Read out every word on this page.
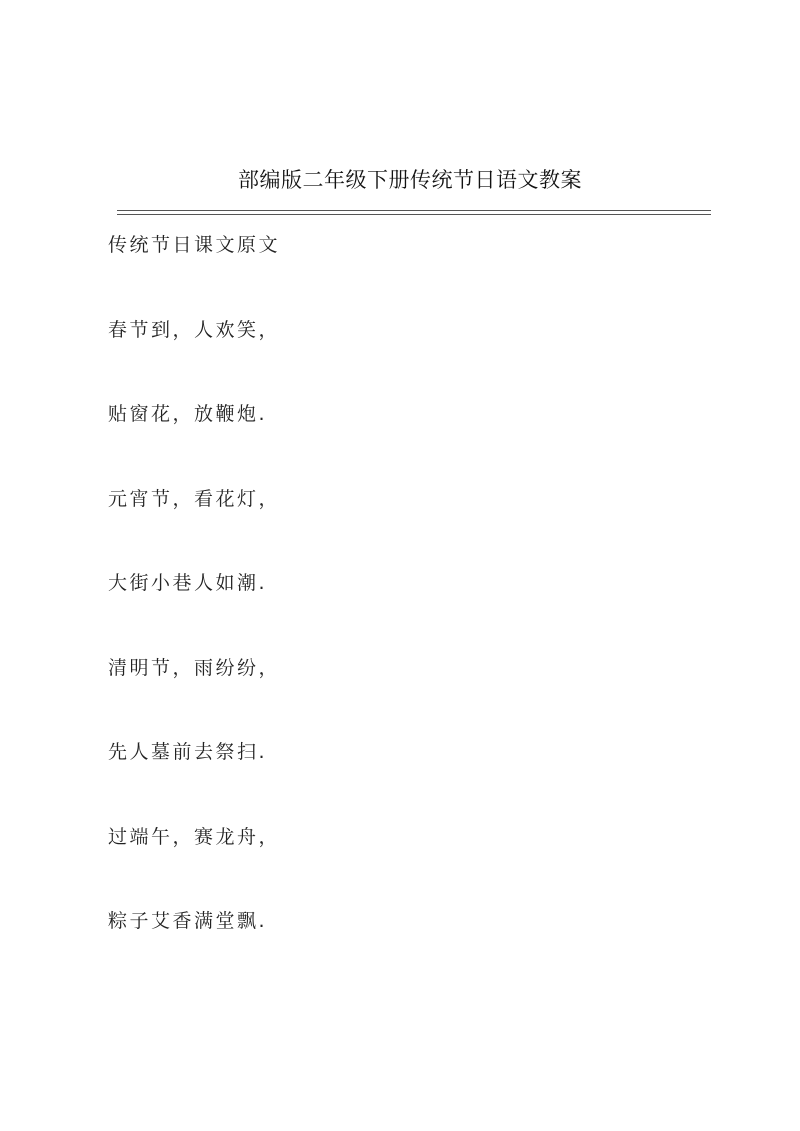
部编版二年级下册传统节日语文教案
传统节日课文原文
春节到，人欢笑，
贴窗花，放鞭炮.
元宵节，看花灯，
大街小巷人如潮.
清明节，雨纷纷，
先人墓前去祭扫.
过端午，赛龙舟，
粽子艾香满堂飘.
